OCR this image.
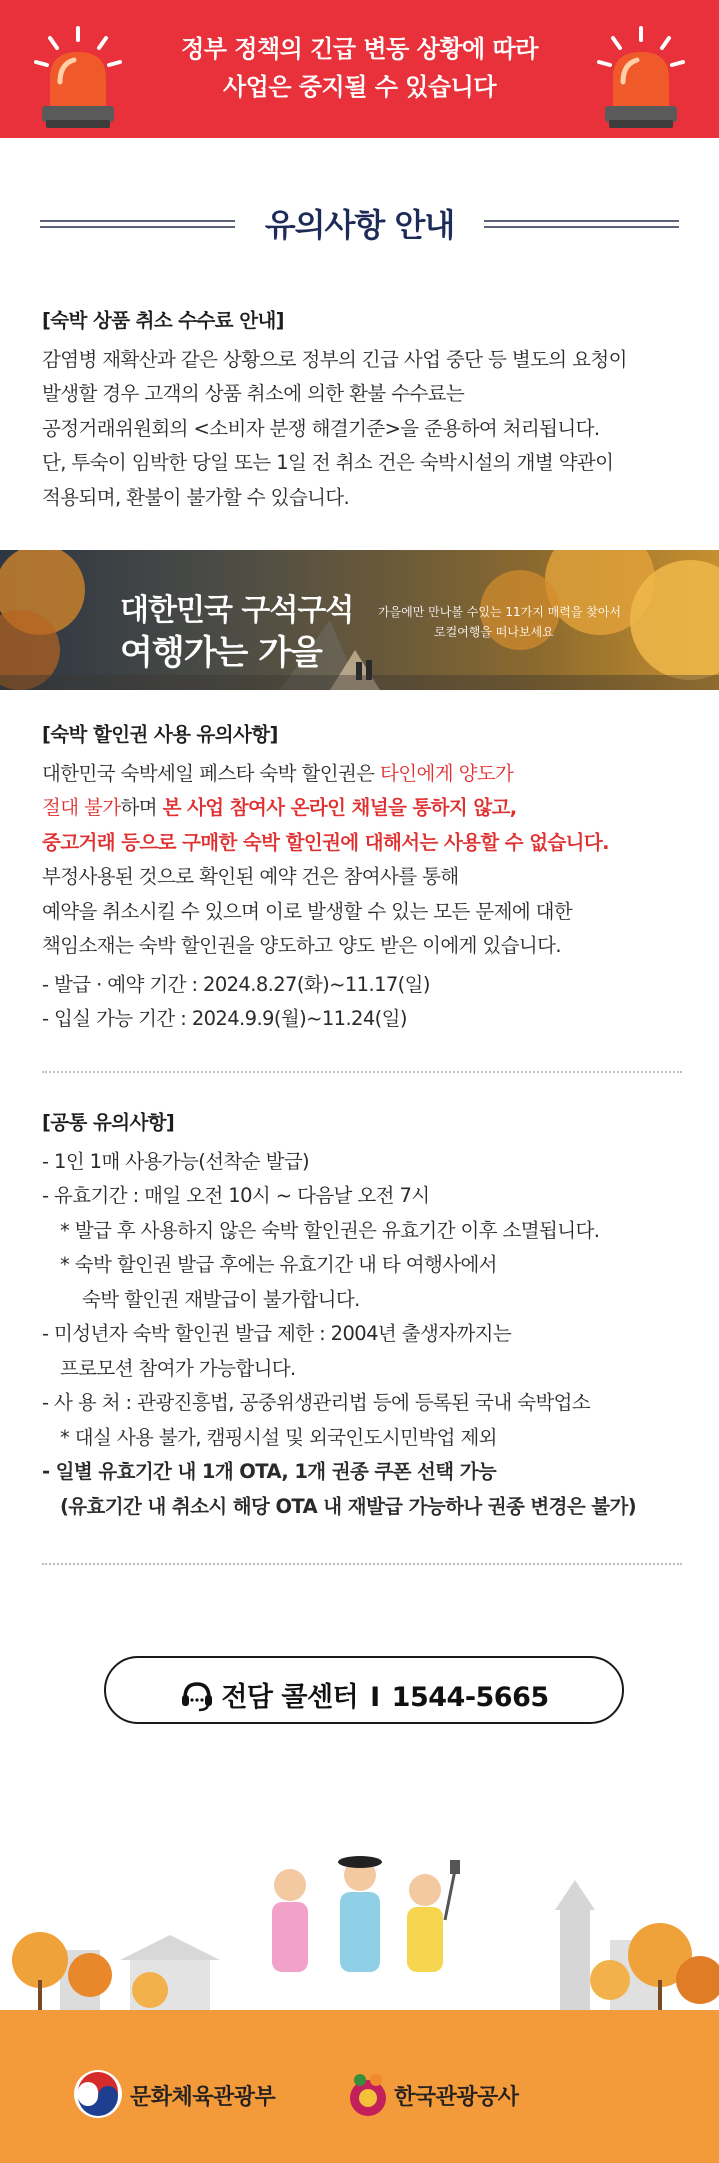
정부 정책의 긴급 변동 상황에 따라
사업은 중지될 수 있습니다
유의사항 안내
[숙박 상품 취소 수수료 안내]
감염병 재확산과 같은 상황으로 정부의 긴급 사업 중단 등 별도의 요청이
발생할 경우 고객의 상품 취소에 의한 환불 수수료는
공정거래위원회의 <소비자 분쟁 해결기준>을 준용하여 처리됩니다.
단, 투숙이 임박한 당일 또는 1일 전 취소 건은 숙박시설의 개별 약관이
적용되며, 환불이 불가할 수 있습니다.
대한민국 구석구석
여행가는 가을
가을에만 만나볼 수있는 11가지 매력을 찾아서
로컬여행을 떠나보세요
[숙박 할인권 사용 유의사항]
대한민국 숙박세일 페스타 숙박 할인권은 타인에게 양도가
절대 불가하며 본 사업 참여사 온라인 채널을 통하지 않고,
중고거래 등으로 구매한 숙박 할인권에 대해서는 사용할 수 없습니다.
부정사용된 것으로 확인된 예약 건은 참여사를 통해
예약을 취소시킬 수 있으며 이로 발생할 수 있는 모든 문제에 대한
책임소재는 숙박 할인권을 양도하고 양도 받은 이에게 있습니다.
- 발급 · 예약 기간 : 2024.8.27(화)~11.17(일)
- 입실 가능 기간 : 2024.9.9(월)~11.24(일)
[공통 유의사항]
- 1인 1매 사용가능(선착순 발급)
- 유효기간 : 매일 오전 10시 ~ 다음날 오전 7시
* 발급 후 사용하지 않은 숙박 할인권은 유효기간 이후 소멸됩니다.
* 숙박 할인권 발급 후에는 유효기간 내 타 여행사에서
숙박 할인권 재발급이 불가합니다.
- 미성년자 숙박 할인권 발급 제한 : 2004년 출생자까지는
프로모션 참여가 가능합니다.
- 사 용 처 : 관광진흥법, 공중위생관리법 등에 등록된 국내 숙박업소
* 대실 사용 불가, 캠핑시설 및 외국인도시민박업 제외
- 일별 유효기간 내 1개 OTA, 1개 권종 쿠폰 선택 가능
(유효기간 내 취소시 해당 OTA 내 재발급 가능하나 권종 변경은 불가)
전담 콜센터 I 1544-5665
문화체육관광부	한국관광공사
